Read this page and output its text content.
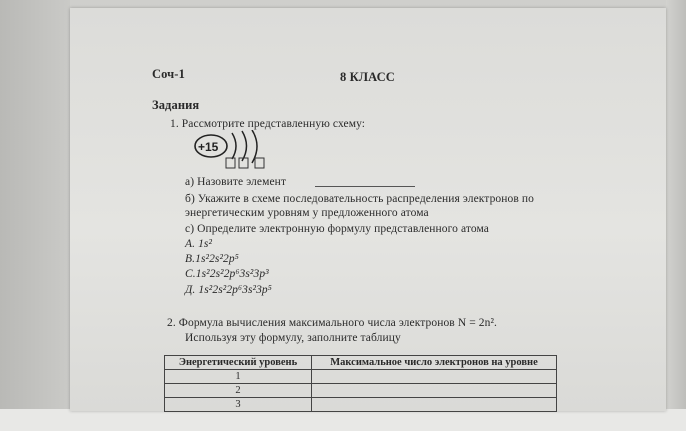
Соч-1	8 КЛАСС
Задания
1. Рассмотрите представленную схему:
+15
а) Назовите элемент
б) Укажите в схеме последовательность распределения электронов по
энергетическим уровням у предложенного атома
с) Определите электронную формулу представленного атома
А. 1s²
В.1s²2s²2p⁵
С.1s²2s²2p⁶3s²3p³
Д. 1s²2s²2p⁶3s²3p⁵
2. Формула вычисления максимального числа электронов N = 2n².
Используя эту формулу, заполните таблицу
Энергетический уровень	Максимальное число электронов на уровне
1	
2	
3	
